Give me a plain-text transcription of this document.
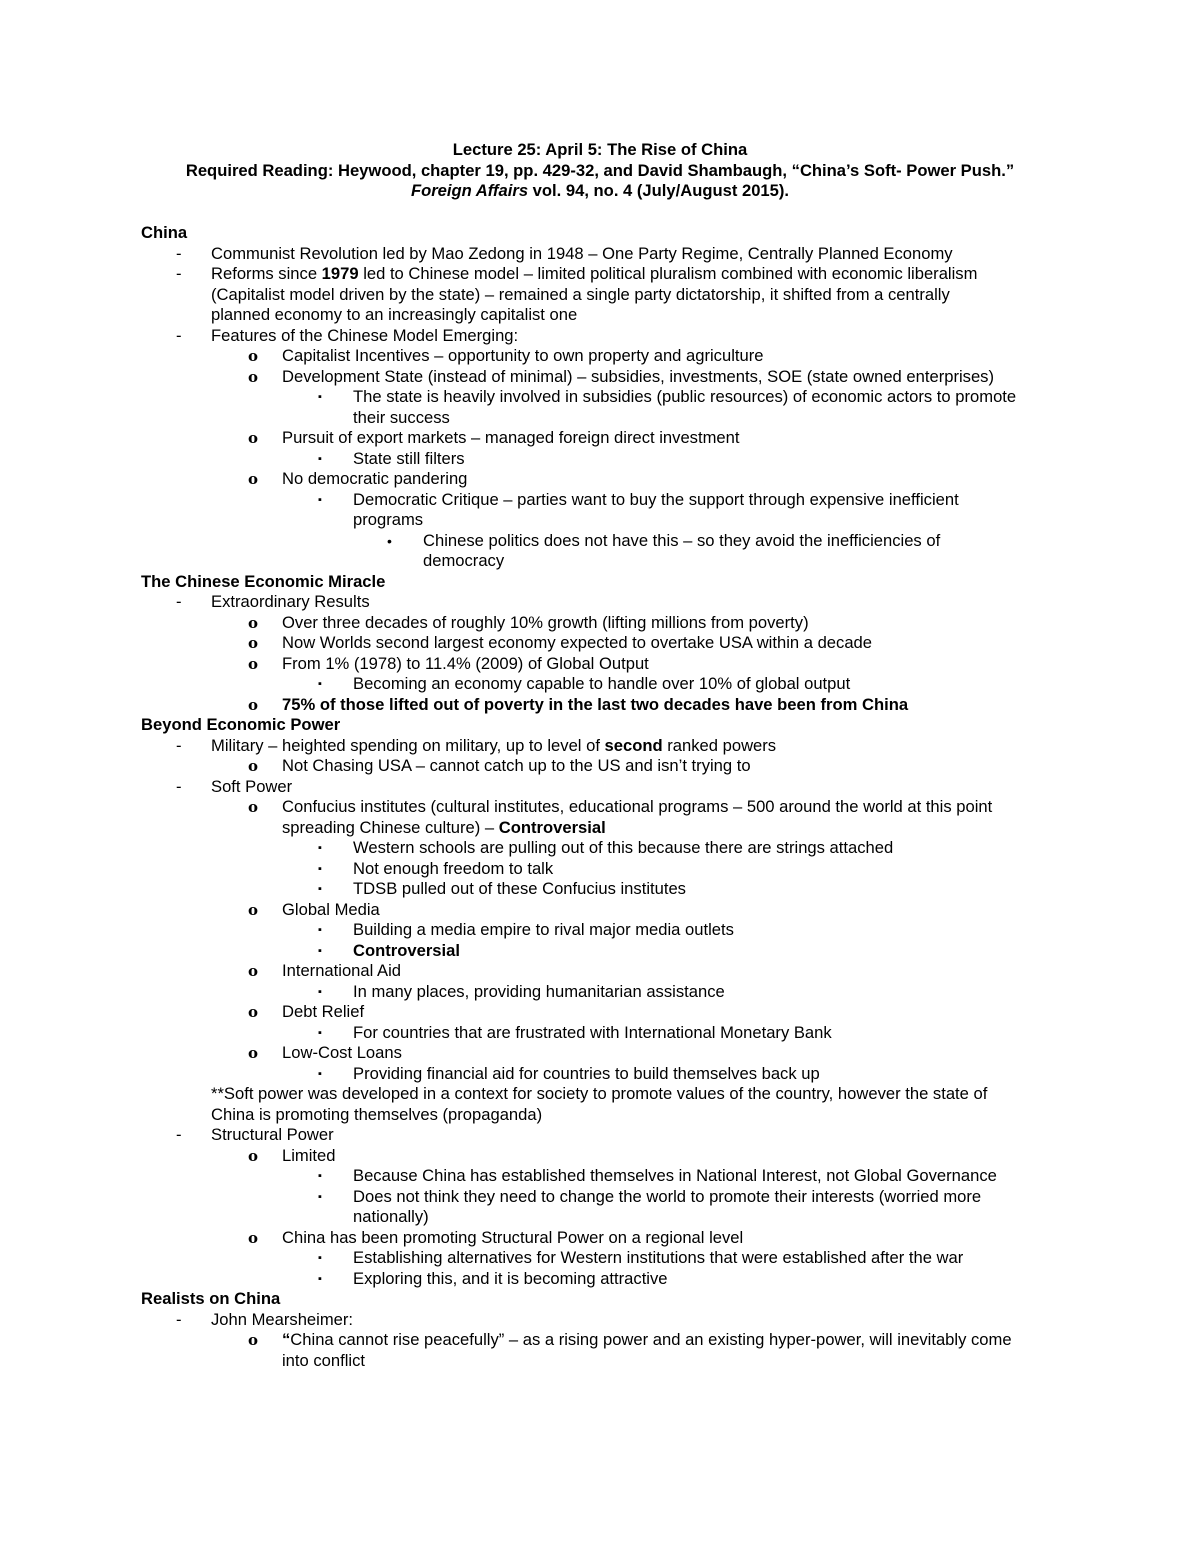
Lecture 25: April 5: The Rise of China
Required Reading: Heywood, chapter 19, pp. 429-32, and David Shambaugh, “China’s Soft- Power Push.”
Foreign Affairs vol. 94, no. 4 (July/August 2015).
China
-	Communist Revolution led by Mao Zedong in 1948 – One Party Regime, Centrally Planned Economy
-	Reforms since 1979 led to Chinese model – limited political pluralism combined with economic liberalism
(Capitalist model driven by the state) – remained a single party dictatorship, it shifted from a centrally
planned economy to an increasingly capitalist one
-	Features of the Chinese Model Emerging:
o	Capitalist Incentives – opportunity to own property and agriculture
o	Development State (instead of minimal) – subsidies, investments, SOE (state owned enterprises)
▪	The state is heavily involved in subsidies (public resources) of economic actors to promote
their success
o	Pursuit of export markets – managed foreign direct investment
▪	State still filters
o	No democratic pandering
▪	Democratic Critique – parties want to buy the support through expensive inefficient
programs
•	Chinese politics does not have this – so they avoid the inefficiencies of
democracy
The Chinese Economic Miracle
-	Extraordinary Results
o	Over three decades of roughly 10% growth (lifting millions from poverty)
o	Now Worlds second largest economy expected to overtake USA within a decade
o	From 1% (1978) to 11.4% (2009) of Global Output
▪	Becoming an economy capable to handle over 10% of global output
o	75% of those lifted out of poverty in the last two decades have been from China
Beyond Economic Power
-	Military – heighted spending on military, up to level of second ranked powers
o	Not Chasing USA – cannot catch up to the US and isn’t trying to
-	Soft Power
o	Confucius institutes (cultural institutes, educational programs – 500 around the world at this point
spreading Chinese culture) – Controversial
▪	Western schools are pulling out of this because there are strings attached
▪	Not enough freedom to talk
▪	TDSB pulled out of these Confucius institutes
o	Global Media
▪	Building a media empire to rival major media outlets
▪	Controversial
o	International Aid
▪	In many places, providing humanitarian assistance
o	Debt Relief
▪	For countries that are frustrated with International Monetary Bank
o	Low-Cost Loans
▪	Providing financial aid for countries to build themselves back up
**Soft power was developed in a context for society to promote values of the country, however the state of
China is promoting themselves (propaganda)
-	Structural Power
o	Limited
▪	Because China has established themselves in National Interest, not Global Governance
▪	Does not think they need to change the world to promote their interests (worried more
nationally)
o	China has been promoting Structural Power on a regional level
▪	Establishing alternatives for Western institutions that were established after the war
▪	Exploring this, and it is becoming attractive
Realists on China
-	John Mearsheimer:
o	“China cannot rise peacefully” – as a rising power and an existing hyper-power, will inevitably come
into conflict
